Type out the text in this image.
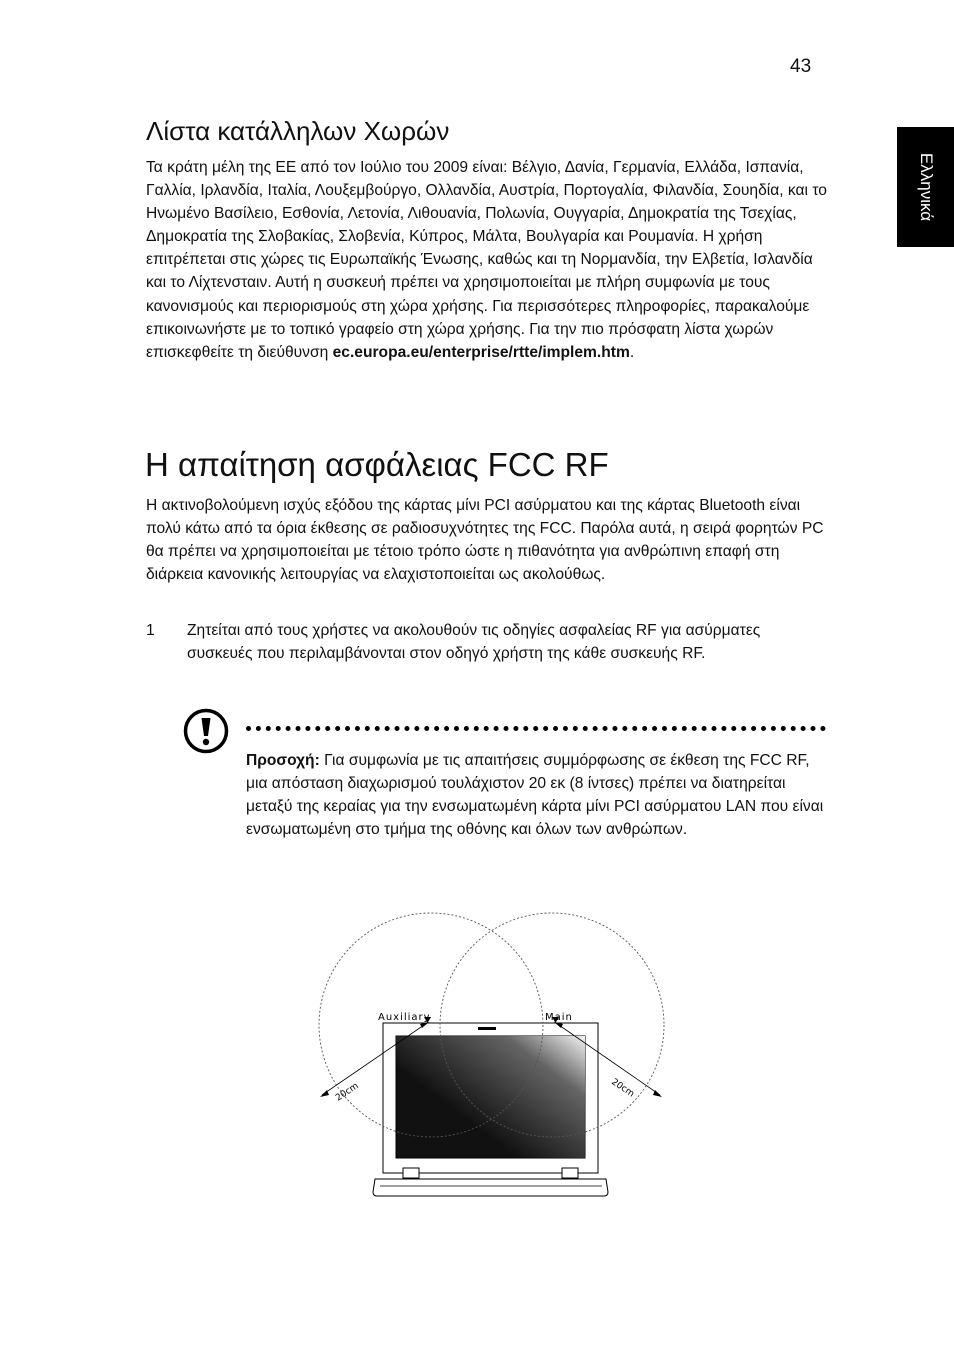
43
Ελληνικά
Λίστα κατάλληλων Χωρών

Τα κράτη μέλη της ΕΕ από τον Ιούλιο του 2009 είναι: Βέλγιο, Δανία, Γερμανία, Ελλάδα, Ισπανία, Γαλλία, Ιρλανδία, Ιταλία, Λουξεμβούργο, Ολλανδία, Αυστρία, Πορτογαλία, Φιλανδία, Σουηδία, και το Ηνωμένο Βασίλειο, Εσθονία, Λετονία, Λιθουανία, Πολωνία, Ουγγαρία, Δημοκρατία της Τσεχίας, Δημοκρατία της Σλοβακίας, Σλοβενία, Κύπρος, Μάλτα, Βουλγαρία και Ρουμανία. Η χρήση επιτρέπεται στις χώρες τις Ευρωπαϊκής Ένωσης, καθώς και τη Νορμανδία, την Ελβετία, Ισλανδία και το Λίχτενσταιν. Αυτή η συσκευή πρέπει να χρησιμοποιείται με πλήρη συμφωνία με τους κανονισμούς και περιορισμούς στη χώρα χρήσης. Για περισσότερες πληροφορίες, παρακαλούμε επικοινωνήστε με το τοπικό γραφείο στη χώρα χρήσης. Για την πιο πρόσφατη λίστα χωρών επισκεφθείτε τη διεύθυνση ec.europa.eu/enterprise/rtte/implem.htm.

Η απαίτηση ασφάλειας FCC RF

Η ακτινοβολούμενη ισχύς εξόδου της κάρτας μίνι PCI ασύρματου και της κάρτας Bluetooth είναι πολύ κάτω από τα όρια έκθεσης σε ραδιοσυχνότητες της FCC. Παρόλα αυτά, η σειρά φορητών PC θα πρέπει να χρησιμοποιείται με τέτοιο τρόπο ώστε η πιθανότητα για ανθρώπινη επαφή στη διάρκεια κανονικής λειτουργίας να ελαχιστοποιείται ως ακολούθως.

1 Ζητείται από τους χρήστες να ακολουθούν τις οδηγίες ασφαλείας RF για ασύρματες συσκευές που περιλαμβάνονται στον οδηγό χρήστη της κάθε συσκευής RF.
Προσοχή: Για συμφωνία με τις απαιτήσεις συμμόρφωσης σε έκθεση της FCC RF, μια απόσταση διαχωρισμού τουλάχιστον 20 εκ (8 ίντσες) πρέπει να διατηρείται μεταξύ της κεραίας για την ενσωματωμένη κάρτα μίνι PCI ασύρματου LAN που είναι ενσωματωμένη στο τμήμα της οθόνης και όλων των ανθρώπων.
Auxiliary	Main
20cm	20cm
